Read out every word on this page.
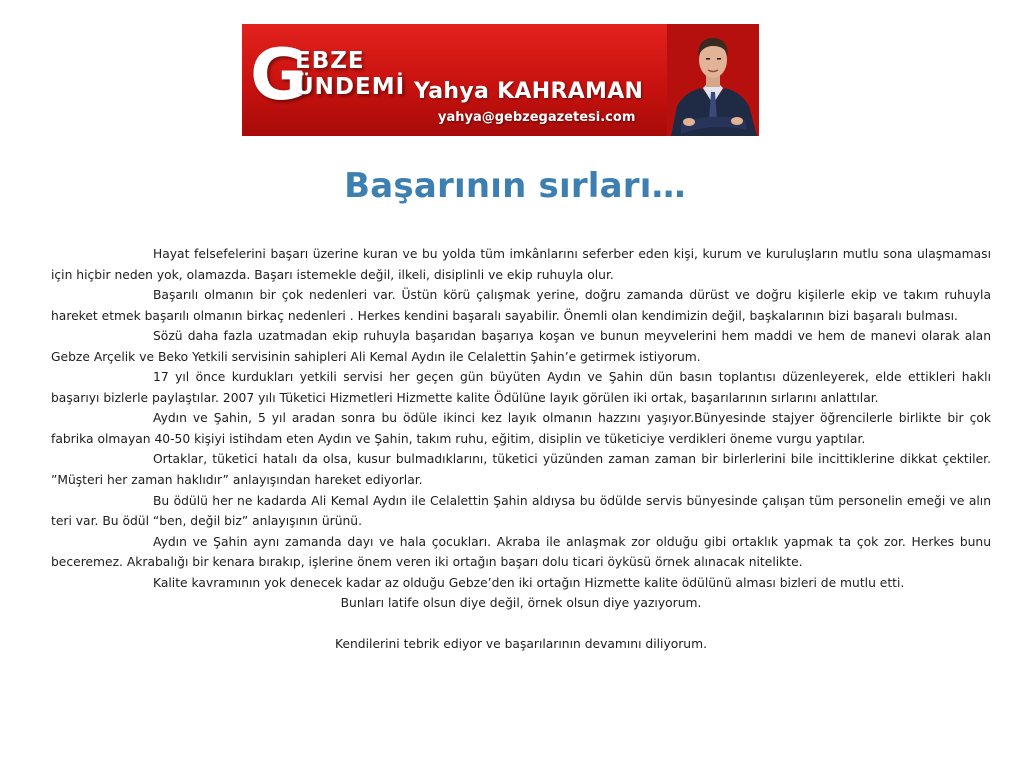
G
EBZE
ÜNDEMİ Yahya KAHRAMAN
yahya@gebzegazetesi.com
Başarının sırları…

Hayat felsefelerini başarı üzerine kuran ve bu yolda tüm imkânlarını seferber eden kişi, kurum ve kuruluşların mutlu sona ulaşmaması için hiçbir neden yok, olamazda. Başarı istemekle değil, ilkeli, disiplinli ve ekip ruhuyla olur.

Başarılı olmanın bir çok nedenleri var. Üstün körü çalışmak yerine, doğru zamanda dürüst ve doğru kişilerle ekip ve takım ruhuyla hareket etmek başarılı olmanın birkaç nedenleri . Herkes kendini başaralı sayabilir. Önemli olan kendimizin değil, başkalarının bizi başaralı bulması.

Sözü daha fazla uzatmadan ekip ruhuyla başarıdan başarıya koşan ve bunun meyvelerini hem maddi ve hem de manevi olarak alan Gebze Arçelik ve Beko Yetkili servisinin sahipleri Ali Kemal Aydın ile Celalettin Şahin’e getirmek istiyorum.

17 yıl önce kurdukları yetkili servisi her geçen gün büyüten Aydın ve Şahin dün basın toplantısı düzenleyerek, elde ettikleri haklı başarıyı bizlerle paylaştılar. 2007 yılı Tüketici Hizmetleri Hizmette kalite Ödülüne layık görülen iki ortak, başarılarının sırlarını anlattılar.

Aydın ve Şahin, 5 yıl aradan sonra bu ödüle ikinci kez layık olmanın hazzını yaşıyor.Bünyesinde stajyer öğrencilerle birlikte bir çok fabrika olmayan 40-50 kişiyi istihdam eten Aydın ve Şahin, takım ruhu, eğitim, disiplin ve tüketiciye verdikleri öneme vurgu yaptılar.

Ortaklar, tüketici hatalı da olsa, kusur bulmadıklarını, tüketici yüzünden zaman zaman bir birlerlerini bile incittiklerine dikkat çektiler. ”Müşteri her zaman haklıdır” anlayışından hareket ediyorlar.

Bu ödülü her ne kadarda Ali Kemal Aydın ile Celalettin Şahin aldıysa bu ödülde servis bünyesinde çalışan tüm personelin emeği ve alın teri var. Bu ödül “ben, değil biz” anlayışının ürünü.

Aydın ve Şahin aynı zamanda dayı ve hala çocukları. Akraba ile anlaşmak zor olduğu gibi ortaklık yapmak ta çok zor. Herkes bunu beceremez. Akrabalığı bir kenara bırakıp, işlerine önem veren iki ortağın başarı dolu ticari öyküsü örnek alınacak nitelikte.

Kalite kavramının yok denecek kadar az olduğu Gebze’den iki ortağın Hizmette kalite ödülünü alması bizleri de mutlu etti.

Bunları latife olsun diye değil, örnek olsun diye yazıyorum.

Kendilerini tebrik ediyor ve başarılarının devamını diliyorum.
